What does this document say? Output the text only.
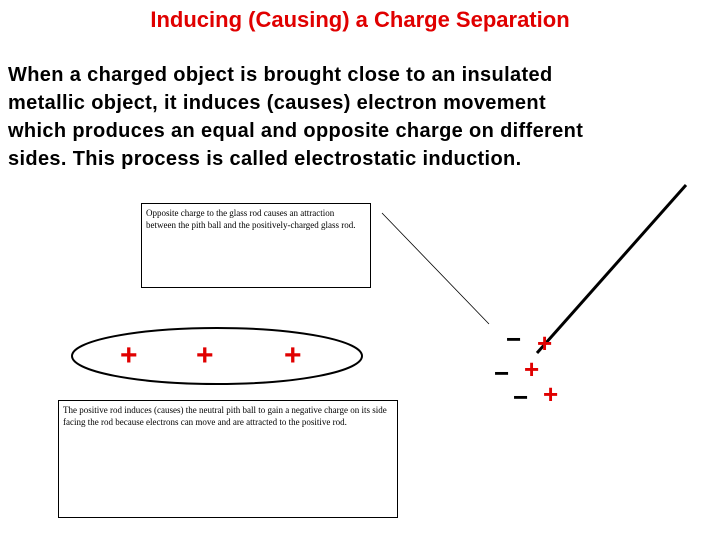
Inducing (Causing) a Charge Separation
When a charged object is brought close to an insulated
metallic object, it induces (causes) electron movement
which produces an equal and opposite charge on different
sides. This process is called electrostatic induction.
Opposite charge to the glass rod causes an attraction between the pith ball and the positively-charged glass rod.
The positive rod induces (causes) the neutral pith ball to gain a negative charge on its side facing the rod because electrons can move and are attracted to the positive rod.
+ + +	− +
− +
− +
